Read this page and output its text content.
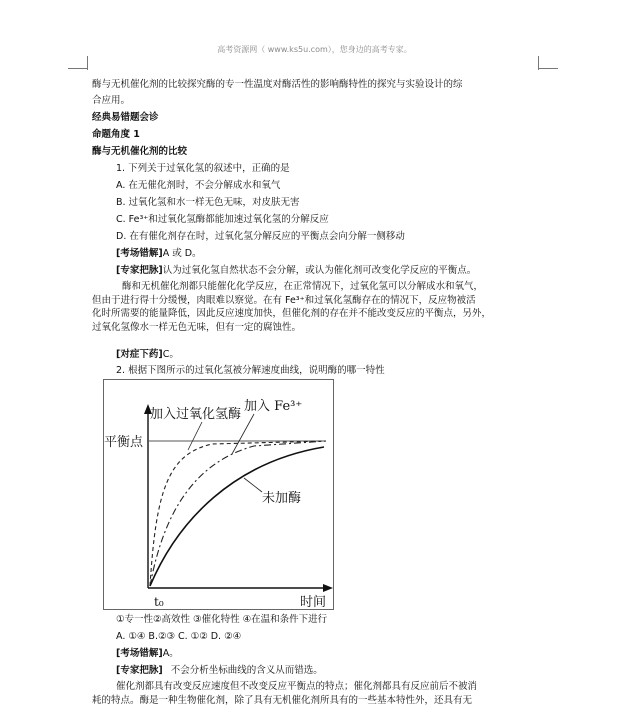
高考资源网（ www.ks5u.com），您身边的高考专家。
酶与无机催化剂的比较探究酶的专一性温度对酶活性的影响酶特性的探究与实验设计的综
合应用。
经典易错题会诊
命题角度 1
酶与无机催化剂的比较
1. 下列关于过氧化氢的叙述中，正确的是
A. 在无催化剂时，不会分解成水和氧气
B. 过氧化氢和水一样无色无味，对皮肤无害
C. Fe³⁺和过氧化氢酶都能加速过氧化氢的分解反应
D. 在有催化剂存在时，过氧化氢分解反应的平衡点会向分解一侧移动
[考场错解]A 或 D。
[专家把脉]认为过氧化氢自然状态不会分解，或认为催化剂可改变化学反应的平衡点。

酶和无机催化剂都只能催化化学反应，在正常情况下，过氧化氢可以分解成水和氧气，

但由于进行得十分缓慢，肉眼难以察觉。在有 Fe³⁺和过氧化氢酶存在的情况下，反应物被活

化时所需要的能量降低，因此反应速度加快，但催化剂的存在并不能改变反应的平衡点，另外，

过氧化氢像水一样无色无味，但有一定的腐蚀性。

[对症下药]C。
2. 根据下图所示的过氧化氢被分解速度曲线，说明酶的哪一特性
平衡点
时间
t₀
加入过氧化氢酶
加入 Fe³⁺
未加酶
①专一性②高效性 ③催化特性 ④在温和条件下进行
A. ①④ B.②③ C. ①② D. ②④
[考场错解]A。
[专家把脉] 不会分析坐标曲线的含义从而错选。

催化剂都具有改变反应速度但不改变反应平衡点的特点；催化剂都具有反应前后不被消

耗的特点。酶是一种生物催化剂，除了具有无机催化剂所具有的一些基本特性外，还具有无
